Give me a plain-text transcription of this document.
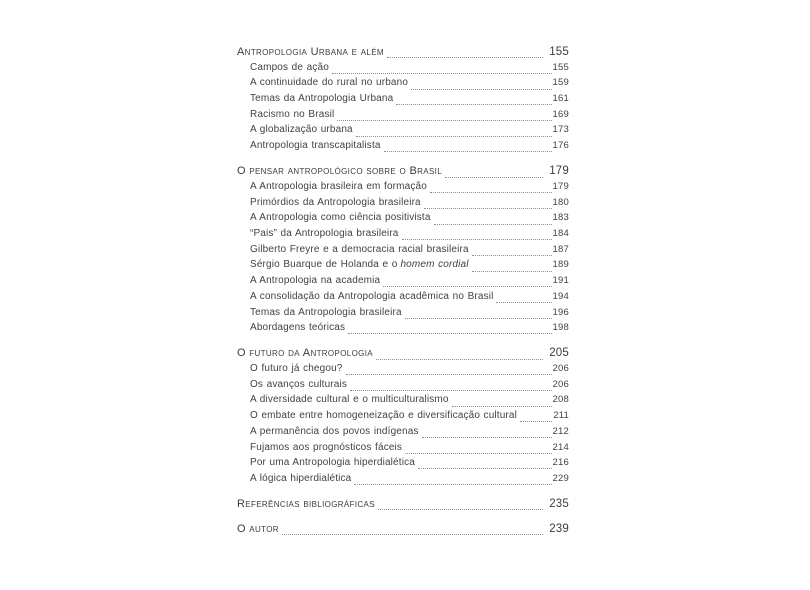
Antropologia Urbana e além	155
Campos de ação	155
A continuidade do rural no urbano	159
Temas da Antropologia Urbana	161
Racismo no Brasil	169
A globalização urbana	173
Antropologia transcapitalista	176
O pensar antropológico sobre o Brasil	179
A Antropologia brasileira em formação	179
Primórdios da Antropologia brasileira	180
A Antropologia como ciência positivista	183
“Pais” da Antropologia brasileira	184
Gilberto Freyre e a democracia racial brasileira	187
Sérgio Buarque de Holanda e o homem cordial	189
A Antropologia na academia	191
A consolidação da Antropologia acadêmica no Brasil	194
Temas da Antropologia brasileira	196
Abordagens teóricas	198
O futuro da Antropologia	205
O futuro já chegou?	206
Os avanços culturais	206
A diversidade cultural e o multiculturalismo	208
O embate entre homogeneização e diversificação cultural	211
A permanência dos povos indígenas	212
Fujamos aos prognósticos fáceis	214
Por uma Antropologia hiperdialética	216
A lógica hiperdialética	229
Referências bibliográficas	235
O autor	239
